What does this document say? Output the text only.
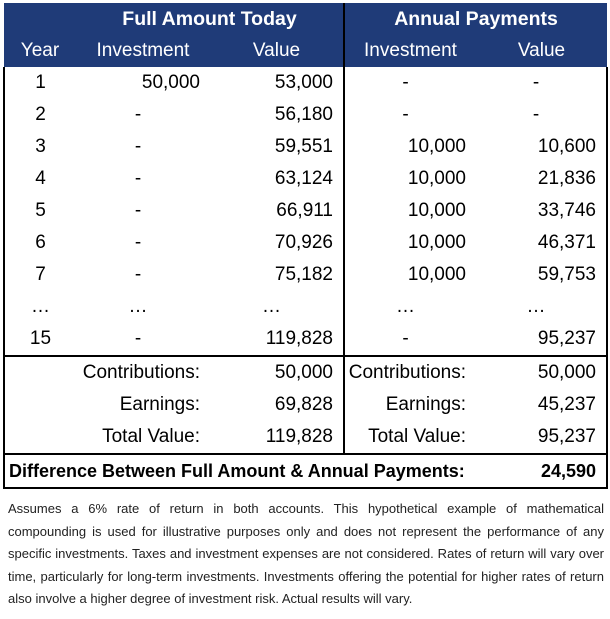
	Full Amount Today		Annual Payments	
Year	Investment	Value	Investment	Value
1	50,000	53,000	-	-
2	-	56,180	-	-
3	-	59,551	10,000	10,600
4	-	63,124	10,000	21,836
5	-	66,911	10,000	33,746
6	-	70,926	10,000	46,371
7	-	75,182	10,000	59,753
…	…	…	…	…
15	-	119,828	-	95,237
	Contributions:	50,000	Contributions:	50,000
	Earnings:	69,828	Earnings:	45,237
	Total Value:	119,828	Total Value:	95,237
Difference Between Full Amount & Annual Payments:				24,590
Assumes a 6% rate of return in both accounts. This hypothetical example of mathematical compounding is used for illustrative purposes only and does not represent the performance of any specific investments. Taxes and investment expenses are not considered. Rates of return will vary over time, particularly for long-term investments. Investments offering the potential for higher rates of return also involve a higher degree of investment risk. Actual results will vary.
